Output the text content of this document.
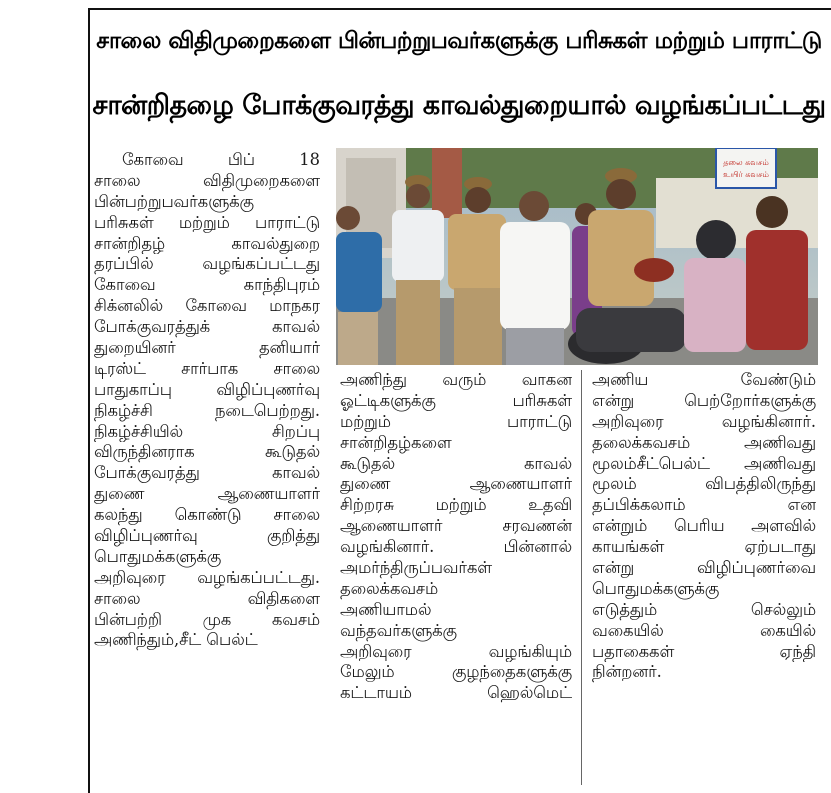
சாலை விதிமுறைகளை பின்பற்றுபவர்களுக்கு பரிசுகள் மற்றும் பாராட்டு
சான்றிதழை போக்குவரத்து காவல்துறையால் வழங்கப்பட்டது
கோவை பிப் 18
சாலை விதிமுறைகளை
பின்பற்றுபவர்களுக்கு
பரிசுகள் மற்றும் பாராட்டு
சான்றிதழ் காவல்துறை
தரப்பில் வழங்கப்பட்டது
கோவை காந்திபுரம்
சிக்னலில் கோவை மாநகர
போக்குவரத்துக் காவல்
துறையினர் தனியார்
டிரஸ்ட் சார்பாக சாலை
பாதுகாப்பு விழிப்புணர்வு
நிகழ்ச்சி நடைபெற்றது.
நிகழ்ச்சியில் சிறப்பு
விருந்தினராக கூடுதல்
போக்குவரத்து காவல்
துணை ஆணையாளர்
கலந்து கொண்டு சாலை
விழிப்புணர்வு குறித்து
பொதுமக்களுக்கு
அறிவுரை வழங்கப்பட்டது.
சாலை விதிகளை
பின்பற்றி முக கவசம்
அணிந்தும்,சீட் பெல்ட்
தலை கவசம்
உயிர் கவசம்
அணிந்து வரும் வாகன
ஓட்டிகளுக்கு பரிசுகள்
மற்றும் பாராட்டு
சான்றிதழ்களை
கூடுதல் காவல்
துணை ஆணையாளர்
சிற்றரசு மற்றும் உதவி
ஆணையாளர் சரவணன்
வழங்கினார். பின்னால்
அமர்ந்திருப்பவர்கள்
தலைக்கவசம்
அணியாமல்
வந்தவர்களுக்கு
அறிவுரை வழங்கியும்
மேலும் குழந்தைகளுக்கு
கட்டாயம் ஹெல்மெட்
அணிய வேண்டும்
என்று பெற்றோர்களுக்கு
அறிவுரை வழங்கினார்.
தலைக்கவசம் அணிவது
மூலம்சீட்பெல்ட் அணிவது
மூலம் விபத்திலிருந்து
தப்பிக்கலாம் என
என்றும் பெரிய அளவில்
காயங்கள் ஏற்படாது
என்று விழிப்புணர்வை
பொதுமக்களுக்கு
எடுத்தும் செல்லும்
வகையில் கையில்
பதாகைகள் ஏந்தி
நின்றனர்.
